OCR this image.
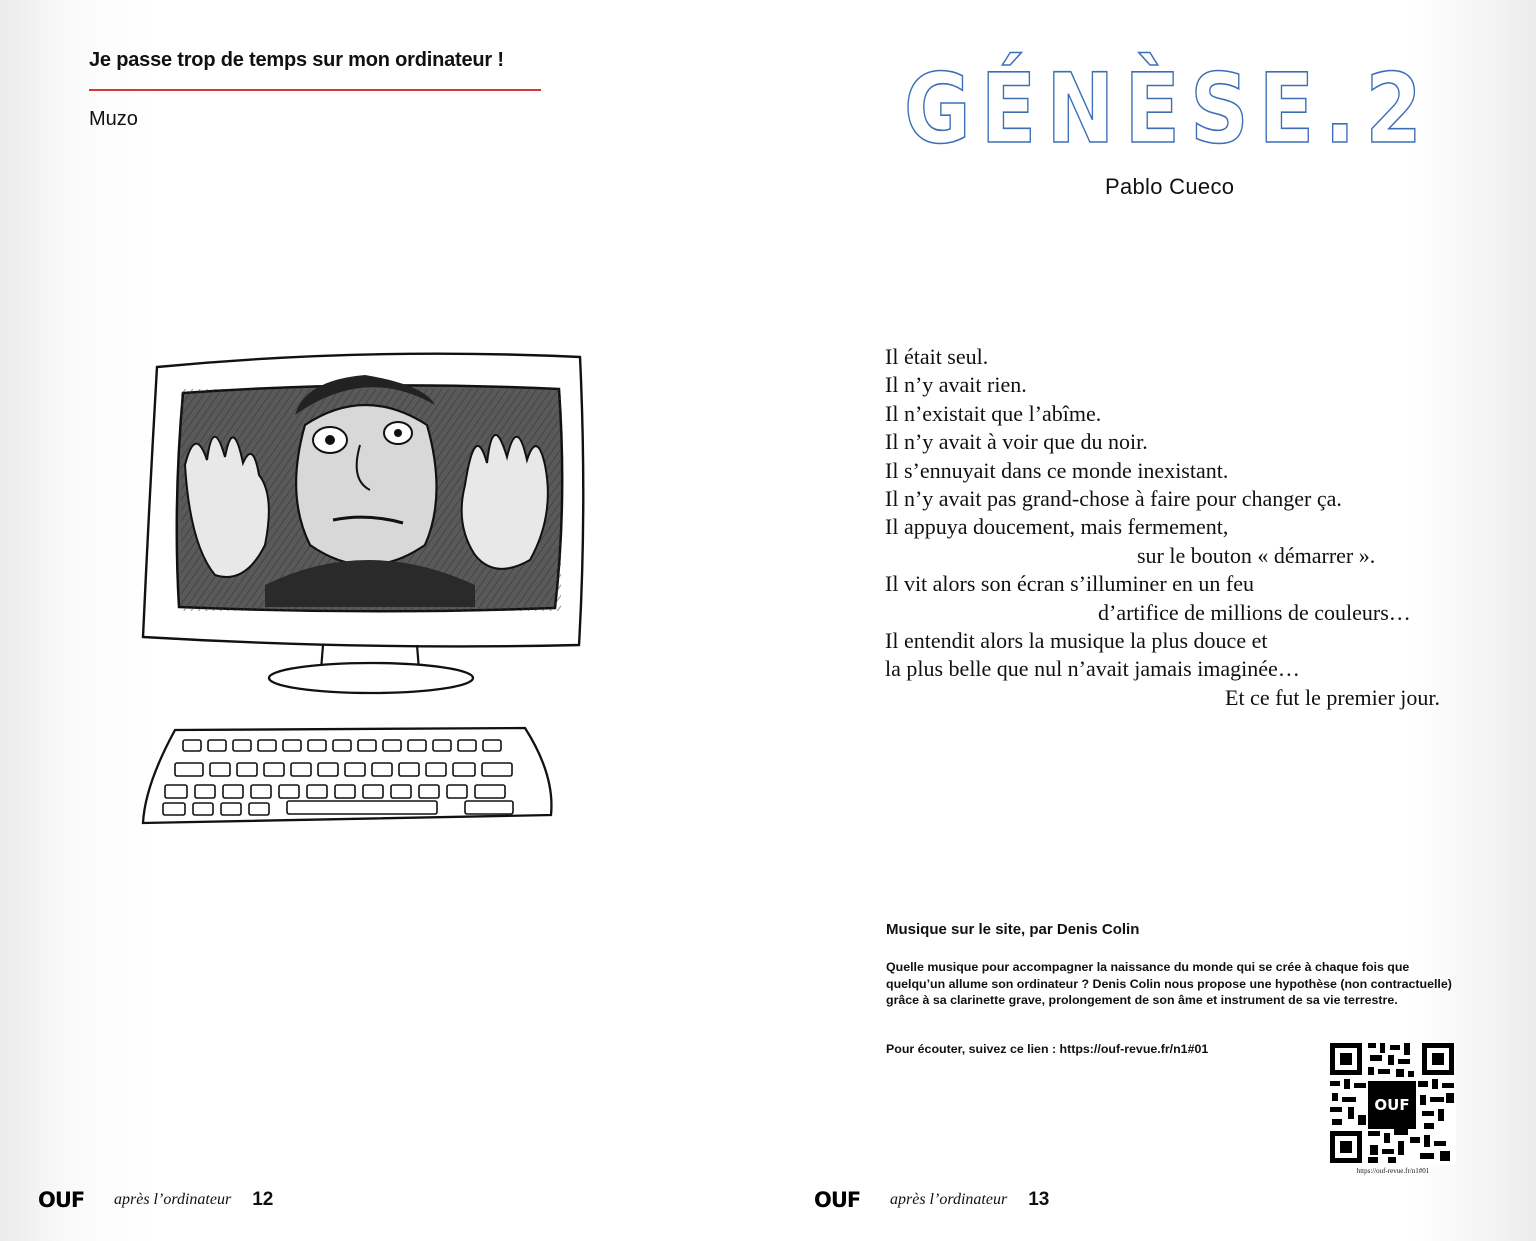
Je passe trop de temps sur mon ordinateur !
Muzo
OUF après l’ordinateur 12
GÉNÈSE.2
Pablo Cueco
Il était seul.
Il n’y avait rien.
Il n’existait que l’abîme.
Il n’y avait à voir que du noir.
Il s’ennuyait dans ce monde inexistant.
Il n’y avait pas grand-chose à faire pour changer ça.
Il appuya doucement, mais fermement,
sur le bouton « démarrer ».
Il vit alors son écran s’illuminer en un feu
d’artifice de millions de couleurs…
Il entendit alors la musique la plus douce et
la plus belle que nul n’avait jamais imaginée…
Et ce fut le premier jour.
Musique sur le site, par Denis Colin
Quelle musique pour accompagner la naissance du monde qui se crée à chaque fois que quelqu’un allume son ordinateur ? Denis Colin nous propose une hypothèse (non contractuelle) grâce à sa clarinette grave, prolongement de son âme et instrument de sa vie terrestre.
Pour écouter, suivez ce lien : https://ouf-revue.fr/n1#01
OUF
https://ouf-revue.fr/n1#01
OUF après l’ordinateur 13
